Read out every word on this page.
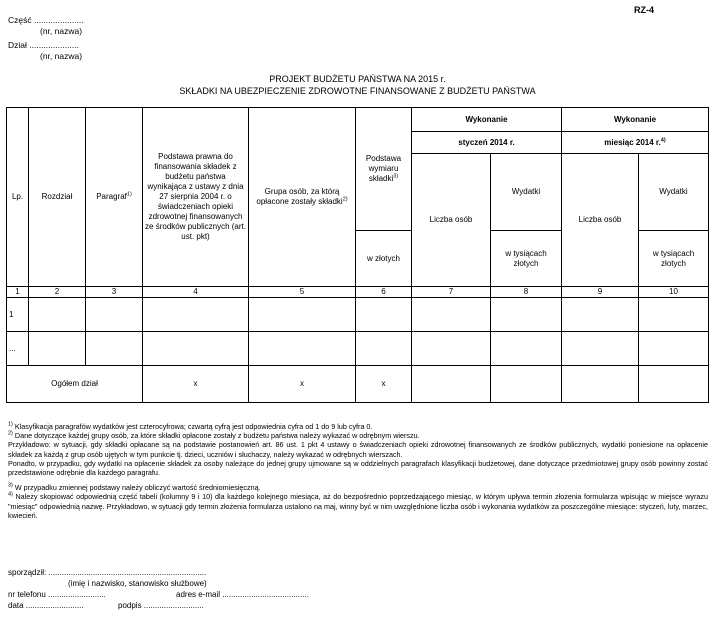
RZ-4
Część .....................
(nr, nazwa)
Dział .....................
(nr, nazwa)
PROJEKT BUDŻETU PAŃSTWA NA 2015 r.
SKŁADKI NA UBEZPIECZENIE ZDROWOTNE FINANSOWANE Z BUDŻETU PAŃSTWA
Lp.	Rozdział	Paragraf$^{1)}$	Podstawa prawna do finansowania składek z budżetu państwa wynikająca z ustawy z dnia 27 sierpnia 2004 r. o świadczeniach opieki zdrowotnej finansowanych ze środków publicznych (art. ust. pkt)	Grupa osób, za którą opłacone zostały składki$^{2)}$	Podstawa wymiaru składki$^{3)}$	Wykonanie		Wykonanie	
						styczeń 2014 r.		miesiąc 2014 r.$^{4)}$
						Liczba osób	Wydatki	Liczba osób	Wydatki
					w złotych		w tysiącach złotych		w tysiącach złotych
1	2	3	4	5	6	7	8	9	10
1									
...									
Ogółem dział			x	x	x				

$^{1)}$ Klasyfikacja paragrafów wydatków jest czterocyfrowa; czwartą cyfrą jest odpowiednia cyfra od 1 do 9 lub cyfra 0.

$^{2)}$ Dane dotyczące każdej grupy osób, za które składki opłacone zostały z budżetu państwa należy wykazać w odrębnym wierszu.

Przykładowo: w sytuacji, gdy składki opłacane są na podstawie postanowień art. 86 ust. 1 pkt 4 ustawy o świadczeniach opieki zdrowotnej finansowanych ze środków publicznych, wydatki poniesione na opłacenie składek za każdą z grup osób ujętych w tym punkcie tj. dzieci, uczniów i słuchaczy, należy wykazać w odrębnych wierszach.

Ponadto, w przypadku, gdy wydatki na opłacenie składek za osoby należące do jednej grupy ujmowane są w oddzielnych paragrafach klasyfikacji budżetowej, dane dotyczące przedmiotowej grupy osób powinny zostać przedstawione odrębnie dla każdego paragrafu.

$^{3)}$ W przypadku zmiennej podstawy należy obliczyć wartość średniomiesięczną.

$^{4)}$ Należy skopiować odpowiednią część tabeli (kolumny 9 i 10) dla każdego kolejnego miesiąca, aż do bezpośrednio poprzedzającego miesiąc, w którym upływa termin złożenia formularza wpisując w miejsce wyrazu "miesiąc" odpowiednią nazwę. Przykładowo, w sytuacji gdy termin złożenia formularza ustalono na maj, winny być w nim uwzględnione liczba osób i wykonania wydatków za poszczególne miesiące: styczeń, luty, marzec, kwiecień.

sporządził: .......................................................................
(imię i nazwisko, stanowisko służbowe)
nr telefonu ..........................	adres e-mail .......................................
data ..........................	podpis ...........................
